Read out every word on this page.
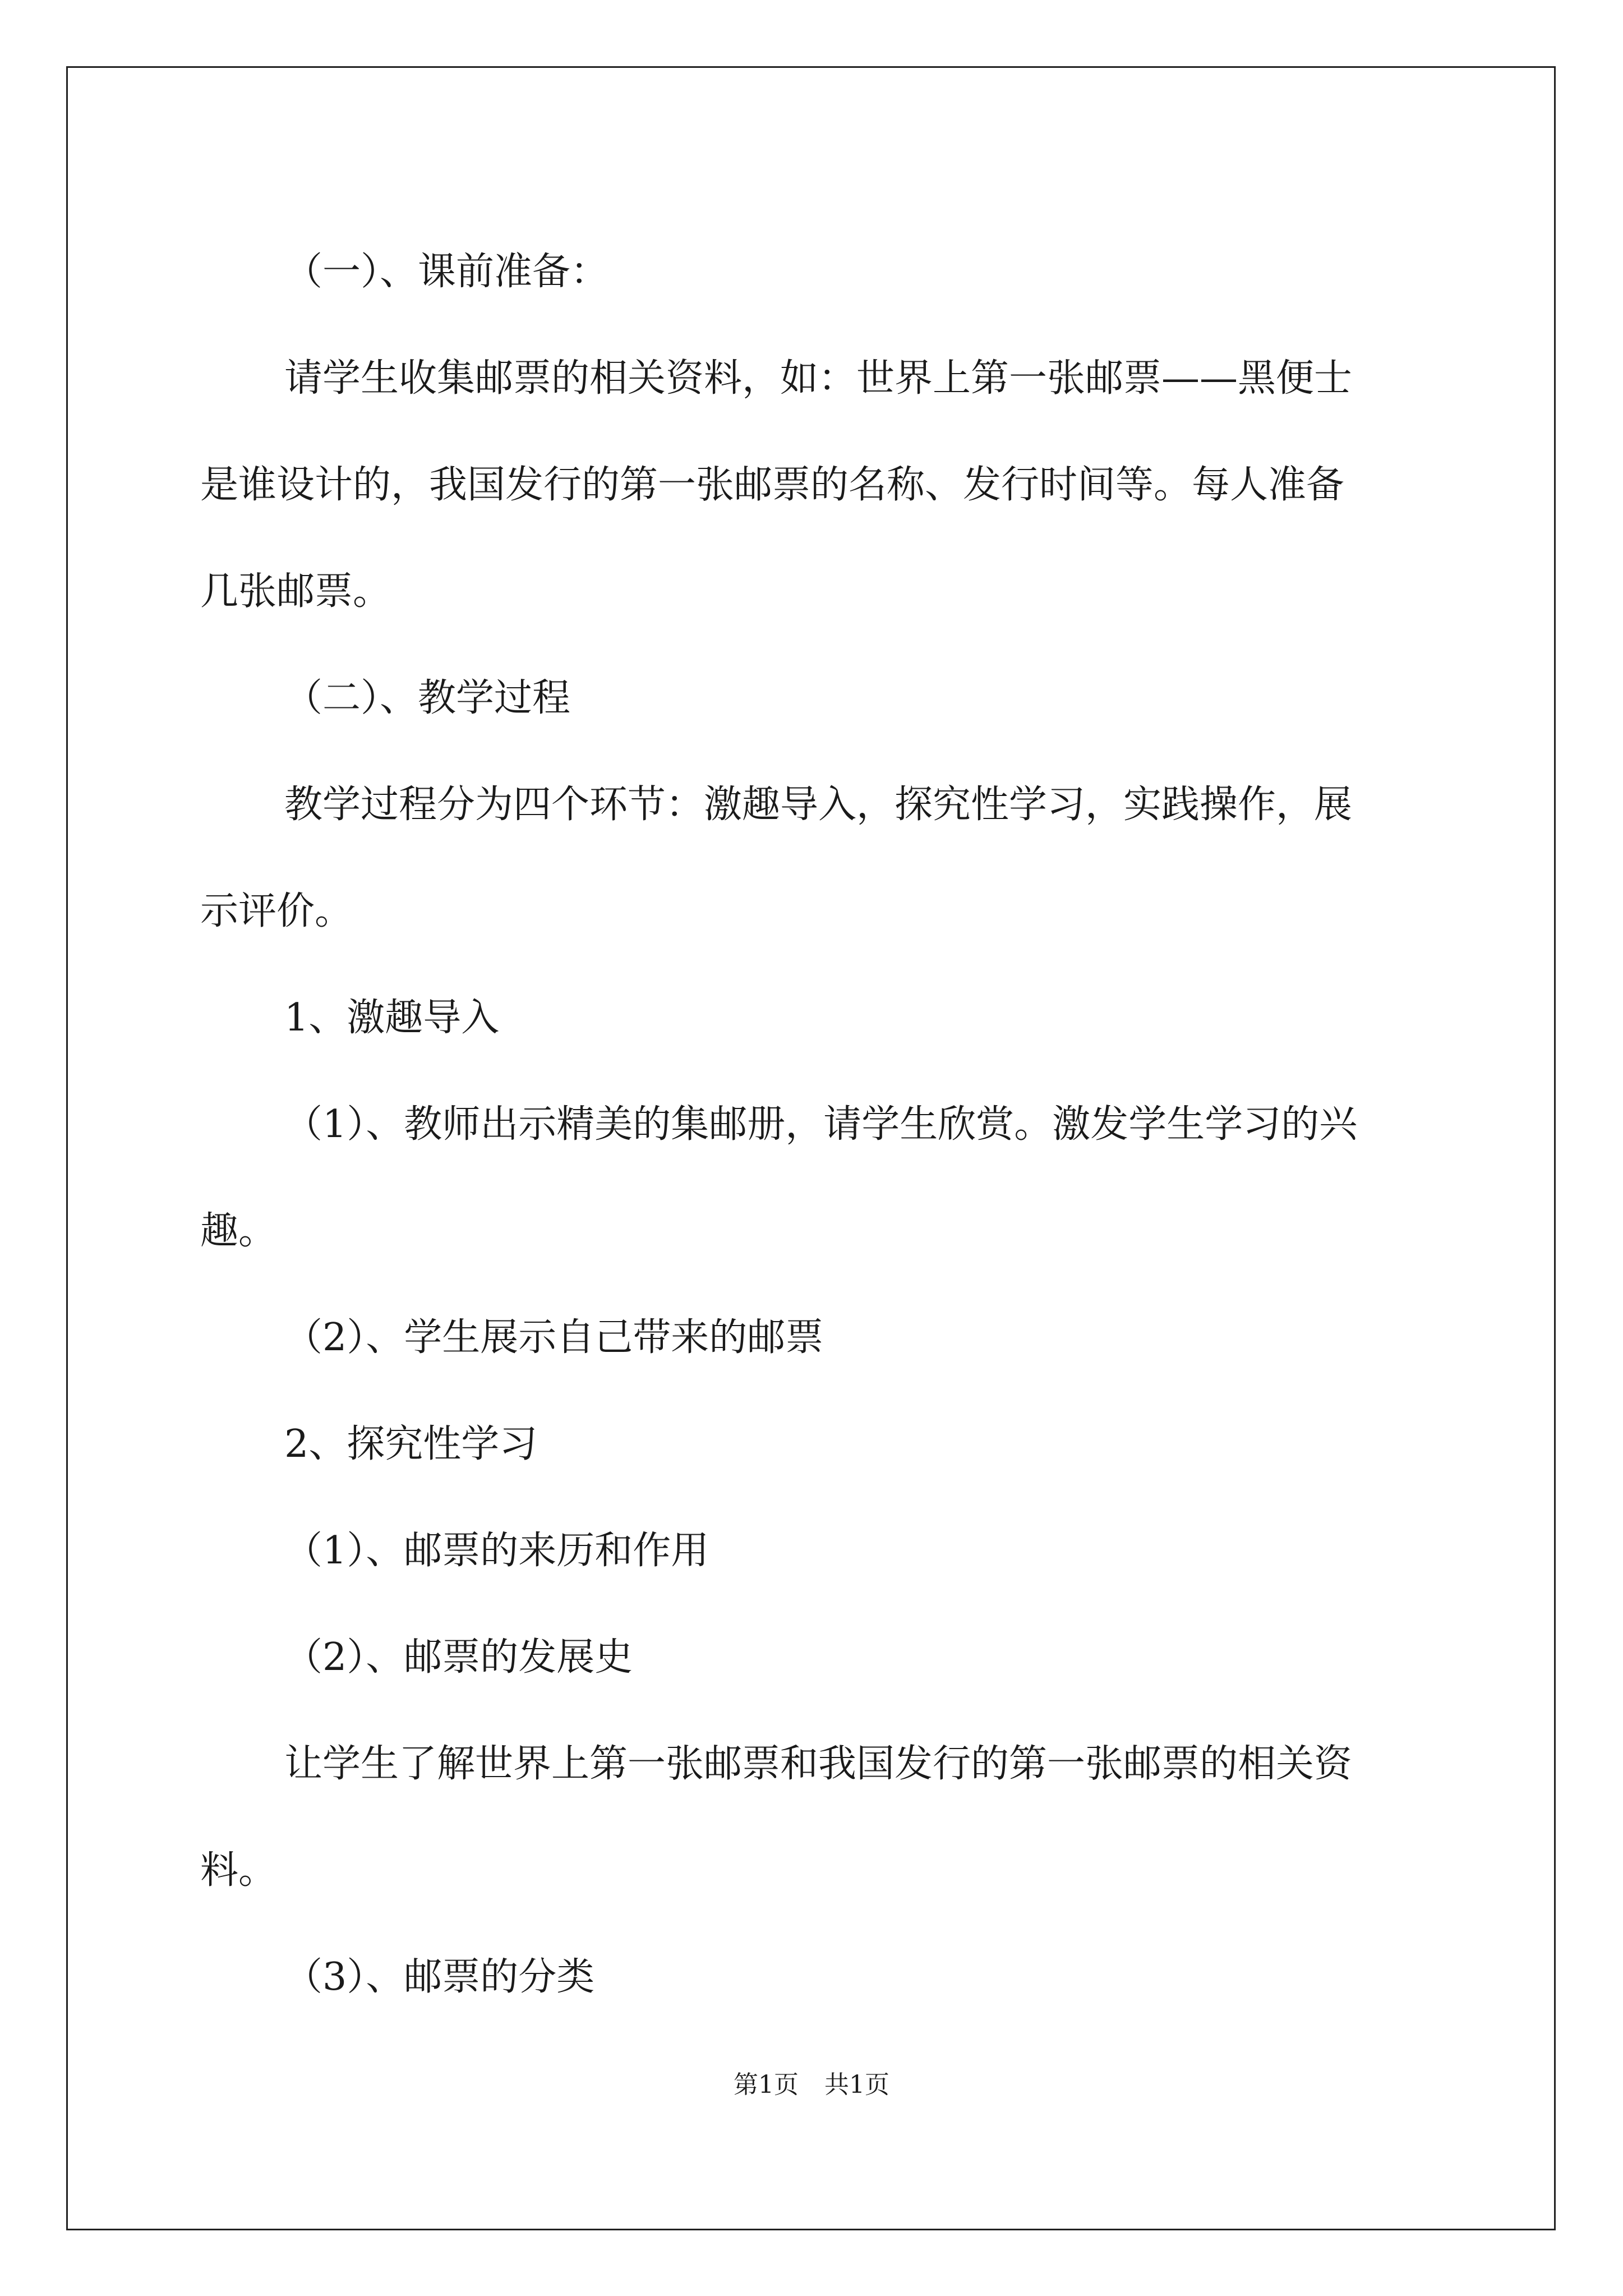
（一）、课前准备：

请学生收集邮票的相关资料，如：世界上第一张邮票——黑便士
是谁设计的，我国发行的第一张邮票的名称、发行时间等。每人准备
几张邮票。

（二）、教学过程

教学过程分为四个环节：激趣导入，探究性学习，实践操作，展
示评价。

1、激趣导入

（1）、教师出示精美的集邮册，请学生欣赏。激发学生学习的兴
趣。

（2）、学生展示自己带来的邮票

2、探究性学习

（1）、邮票的来历和作用

（2）、邮票的发展史

让学生了解世界上第一张邮票和我国发行的第一张邮票的相关资
料。

（3）、邮票的分类

第1页 共1页
